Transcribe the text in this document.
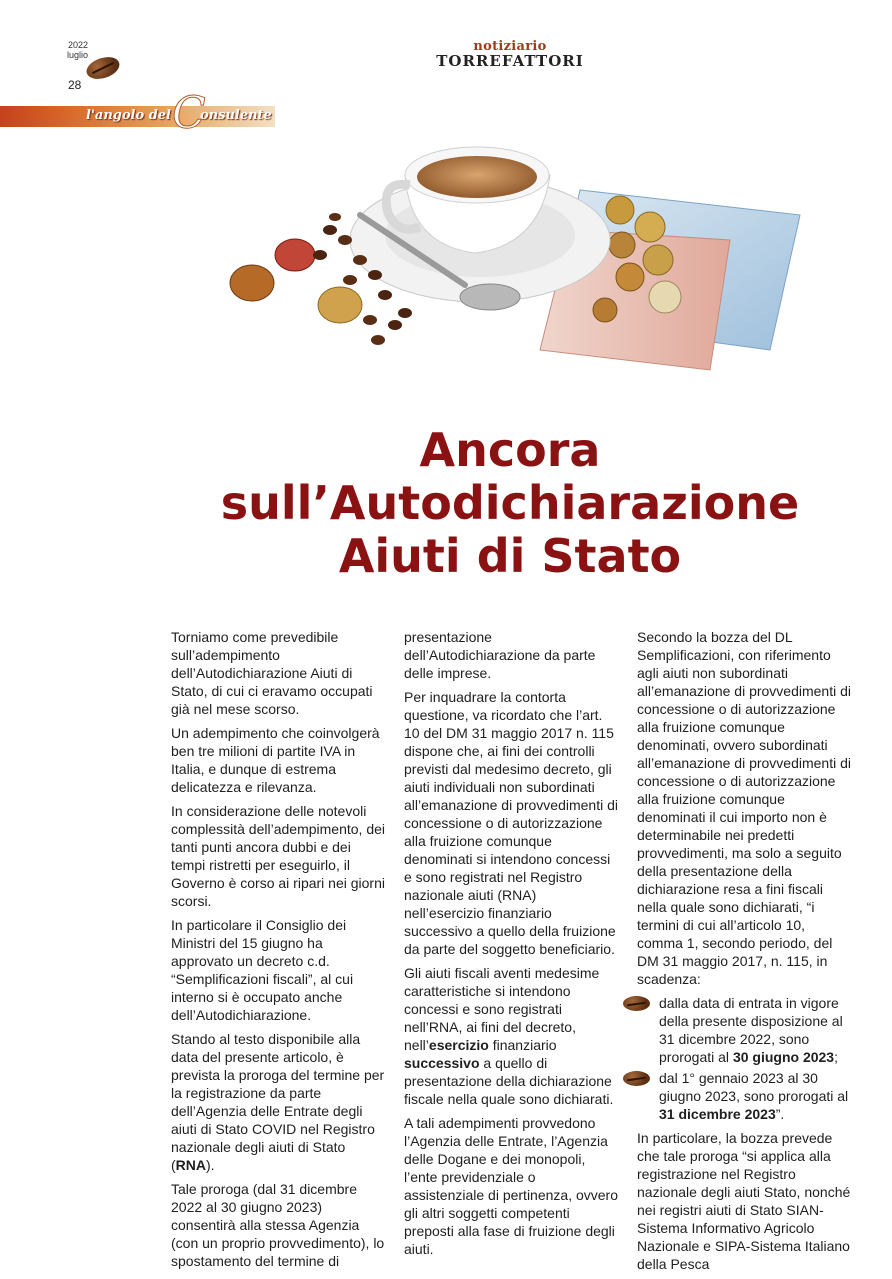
2022
luglio
28
notiziario
TORREFATTORI
l'angolo del C
onsulente
Ancora
sull’Autodichiarazione
Aiuti di Stato

Torniamo come prevedibile sull’adempimento dell’Autodichiarazione Aiuti di Stato, di cui ci eravamo occupati già nel mese scorso.

Un adempimento che coinvolgerà ben tre milioni di partite IVA in Italia, e dunque di estrema delicatezza e rilevanza.

In considerazione delle notevoli complessità dell’adempimento, dei tanti punti ancora dubbi e dei tempi ristretti per eseguirlo, il Governo è corso ai ripari nei giorni scorsi.

In particolare il Consiglio dei Ministri del 15 giugno ha approvato un decreto c.d. “Semplificazioni fiscali”, al cui interno si è occupato anche dell’Autodichiarazione.

Stando al testo disponibile alla data del presente articolo, è prevista la proroga del termine per la registrazione da parte dell’Agenzia delle Entrate degli aiuti di Stato COVID nel Registro nazionale degli aiuti di Stato (RNA).

Tale proroga (dal 31 dicembre 2022 al 30 giugno 2023) consentirà alla stessa Agenzia (con un proprio provvedimento), lo spostamento del termine di

presentazione dell’Autodichiarazione da parte delle imprese.

Per inquadrare la contorta questione, va ricordato che l’art. 10 del DM 31 maggio 2017 n. 115 dispone che, ai fini dei controlli previsti dal medesimo decreto, gli aiuti individuali non subordinati all’emanazione di provvedimenti di concessione o di autorizzazione alla fruizione comunque denominati si intendono concessi e sono registrati nel Registro nazionale aiuti (RNA) nell’esercizio finanziario successivo a quello della fruizione da parte del soggetto beneficiario.

Gli aiuti fiscali aventi medesime caratteristiche si intendono concessi e sono registrati nell’RNA, ai fini del decreto, nell’esercizio finanziario successivo a quello di presentazione della dichiarazione fiscale nella quale sono dichiarati.

A tali adempimenti provvedono l’Agenzia delle Entrate, l’Agenzia delle Dogane e dei monopoli, l’ente previdenziale o assistenziale di pertinenza, ovvero gli altri soggetti competenti preposti alla fase di fruizione degli aiuti.

Secondo la bozza del DL Semplificazioni, con riferimento agli aiuti non subordinati all’emanazione di provvedimenti di concessione o di autorizzazione alla fruizione comunque denominati, ovvero subordinati all’emanazione di provvedimenti di concessione o di autorizzazione alla fruizione comunque denominati il cui importo non è determinabile nei predetti provvedimenti, ma solo a seguito della presentazione della dichiarazione resa a fini fiscali nella quale sono dichiarati, “i termini di cui all’articolo 10, comma 1, secondo periodo, del DM 31 maggio 2017, n. 115, in scadenza:

dalla data di entrata in vigore della presente disposizione al 31 dicembre 2022, sono prorogati al 30 giugno 2023;
dal 1° gennaio 2023 al 30 giugno 2023, sono prorogati al 31 dicembre 2023”.

In particolare, la bozza prevede che tale proroga “si applica alla registrazione nel Registro nazionale degli aiuti Stato, nonché nei registri aiuti di Stato SIAN-Sistema Informativo Agricolo Nazionale e SIPA-Sistema Italiano della Pesca
